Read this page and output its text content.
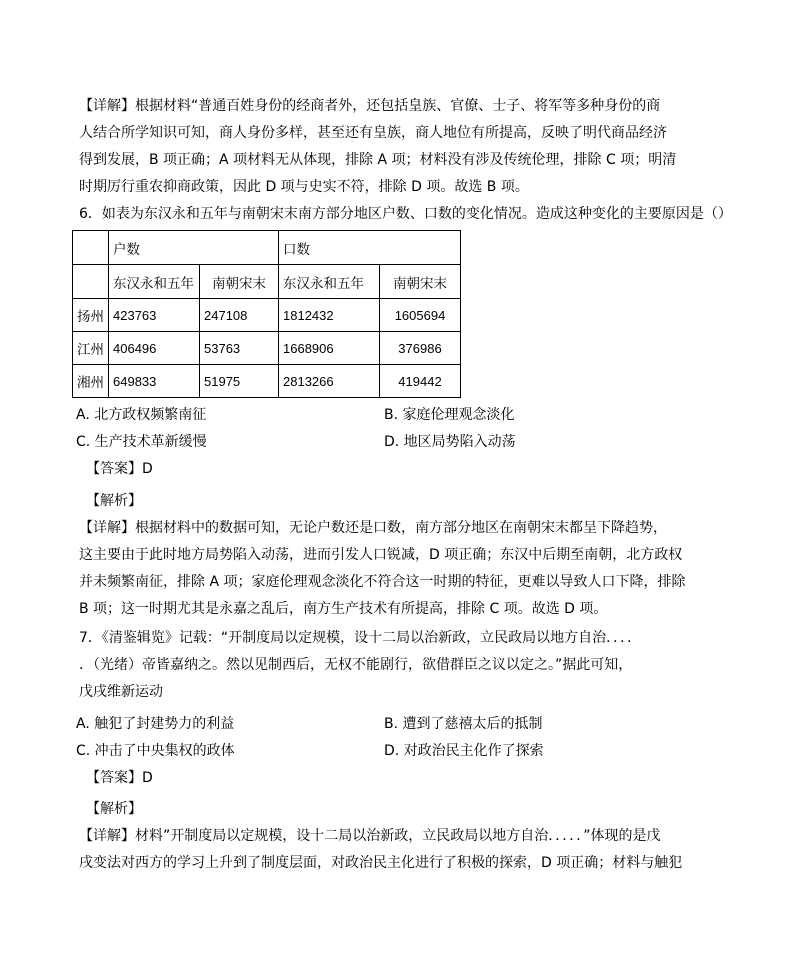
【详解】根据材料“普通百姓身份的经商者外，还包括皇族、官僚、士子、将军等多种身份的商
人结合所学知识可知，商人身份多样，甚至还有皇族，商人地位有所提高，反映了明代商品经济
得到发展，B 项正确；A 项材料无从体现，排除 A 项；材料没有涉及传统伦理，排除 C 项；明清
时期厉行重农抑商政策，因此 D 项与史实不符，排除 D 项。故选 B 项。
6．如表为东汉永和五年与南朝宋末南方部分地区户数、口数的变化情况。造成这种变化的主要原因是（）
	户数		口数	
	东汉永和五年	南朝宋末	东汉永和五年	南朝宋末
扬州	423763	247108	1812432	1605694
江州	406496	53763	1668906	376986
湘州	649833	51975	2813266	419442
A. 北方政权频繁南征	B. 家庭伦理观念淡化
C. 生产技术革新缓慢	D. 地区局势陷入动荡
【答案】D
【解析】
【详解】根据材料中的数据可知，无论户数还是口数，南方部分地区在南朝宋末都呈下降趋势，
这主要由于此时地方局势陷入动荡，进而引发人口锐减，D 项正确；东汉中后期至南朝，北方政权
并未频繁南征，排除 A 项；家庭伦理观念淡化不符合这一时期的特征，更难以导致人口下降，排除
B 项；这一时期尤其是永嘉之乱后，南方生产技术有所提高，排除 C 项。故选 D 项。
7．《清鉴辑览》记载：“开制度局以定规模，设十二局以治新政，立民政局以地方自治．．．．
．（光绪）帝皆嘉纳之。然以见制西后，无权不能剧行，欲借群臣之议以定之。”据此可知，
戊戌维新运动
A. 触犯了封建势力的利益	B. 遭到了慈禧太后的抵制
C. 冲击了中央集权的政体	D. 对政治民主化作了探索
【答案】D
【解析】
【详解】材料”开制度局以定规模，设十二局以治新政，立民政局以地方自治．．．．．”体现的是戊
戌变法对西方的学习上升到了制度层面，对政治民主化进行了积极的探索，D 项正确；材料与触犯
